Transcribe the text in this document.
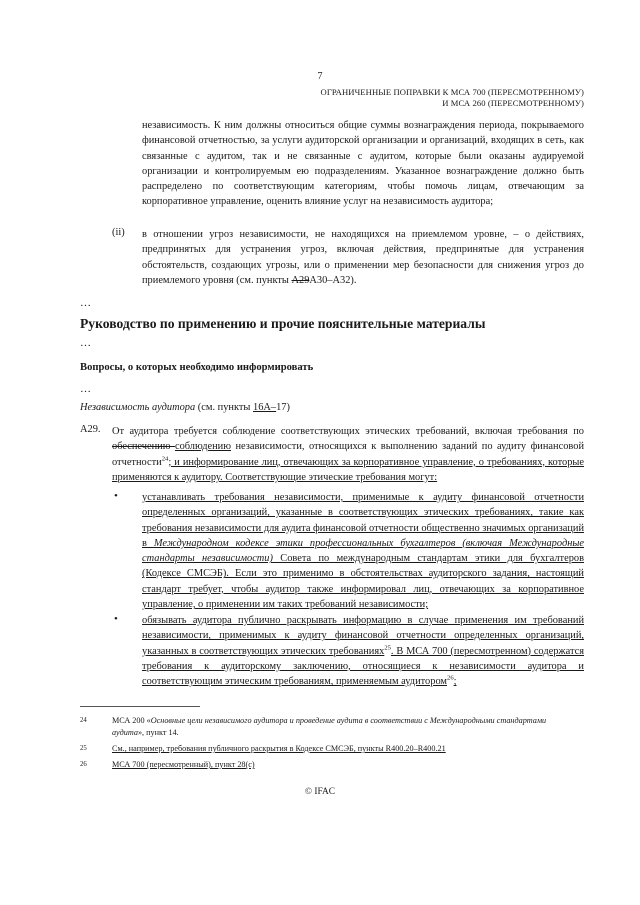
7
ОГРАНИЧЕННЫЕ ПОПРАВКИ К МСА 700 (ПЕРЕСМОТРЕННОМУ)
И МСА 260 (ПЕРЕСМОТРЕННОМУ)
независимость. К ним должны относиться общие суммы вознаграждения периода, покрываемого финансовой отчетностью, за услуги аудиторской организации и организаций, входящих в сеть, как связанные с аудитом, так и не связанные с аудитом, которые были оказаны аудируемой организации и контролируемым ею подразделениям. Указанное вознаграждение должно быть распределено по соответствующим категориям, чтобы помочь лицам, отвечающим за корпоративное управление, оценить влияние услуг на независимость аудитора;
(ii) в отношении угроз независимости, не находящихся на приемлемом уровне, – о действиях, предпринятых для устранения угроз, включая действия, предпринятые для устранения обстоятельств, создающих угрозы, или о применении мер безопасности для снижения угроз до приемлемого уровня (см. пункты A29A30–A32).
…
Руководство по применению и прочие пояснительные материалы
…
Вопросы, о которых необходимо информировать
…
Независимость аудитора (см. пункты 16A–17)
A29. От аудитора требуется соблюдение соответствующих этических требований, включая требования по обеспечению соблюдению независимости, относящихся к выполнению заданий по аудиту финансовой отчетности$^{24}$; и информирование лиц, отвечающих за корпоративное управление, о требованиях, которые применяются к аудитору. Соответствующие этические требования могут:
• устанавливать требования независимости, применимые к аудиту финансовой отчетности определенных организаций, указанные в соответствующих этических требованиях, такие как требования независимости для аудита финансовой отчетности общественно значимых организаций в Международном кодексе этики профессиональных бухгалтеров (включая Международные стандарты независимости) Совета по международным стандартам этики для бухгалтеров (Кодексе СМСЭБ). Если это применимо в обстоятельствах аудиторского задания, настоящий стандарт требует, чтобы аудитор также информировал лиц, отвечающих за корпоративное управление, о применении им таких требований независимости;
• обязывать аудитора публично раскрывать информацию в случае применения им требований независимости, применимых к аудиту финансовой отчетности определенных организаций, указанных в соответствующих этических требованиях$^{25}$. В МСА 700 (пересмотренном) содержатся требования к аудиторскому заключению, относящиеся к независимости аудитора и соответствующим этическим требованиям, применяемым аудитором$^{26}$;
24	МСА 200 «Основные цели независимого аудитора и проведение аудита в соответствии с Международными стандартами аудита», пункт 14.
25	См., например, требования публичного раскрытия в Кодексе СМСЭБ, пункты R400.20–R400.21
26	МСА 700 (пересмотренный), пункт 28(c)
© IFAC
